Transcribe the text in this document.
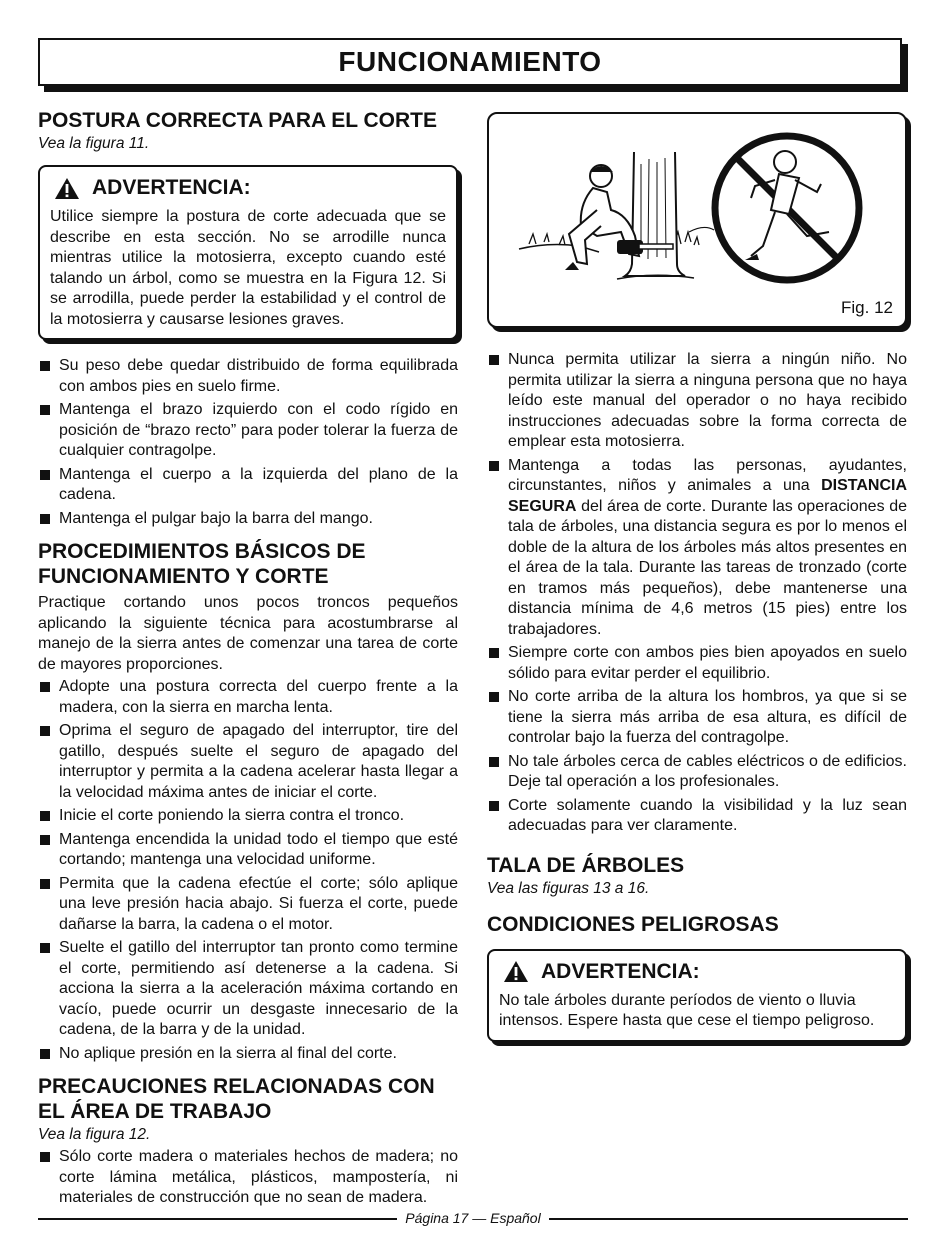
FUNCIONAMIENTO
POSTURA CORRECTA PARA EL CORTE
Vea la figura 11.
ADVERTENCIA:

Utilice siempre la postura de corte adecuada que se describe en esta sección. No se arrodille nunca mientras utilice la motosierra, excepto cuando esté talando un árbol, como se muestra en la Figura 12. Si se arrodilla, puede perder la estabilidad y el control de la motosierra y causarse lesiones graves.

Su peso debe quedar distribuido de forma equilibrada con ambos pies en suelo firme.
Mantenga el brazo izquierdo con el codo rígido en posición de “brazo recto” para poder tolerar la fuerza de cualquier contragolpe.
Mantenga el cuerpo a la izquierda del plano de la cadena.
Mantenga el pulgar bajo la barra del mango.
PROCEDIMIENTOS BÁSICOS DE FUNCIONAMIENTO Y CORTE

Practique cortando unos pocos troncos pequeños aplicando la siguiente técnica para acostumbrarse al manejo de la sierra antes de comenzar una tarea de corte de mayores proporciones.

Adopte una postura correcta del cuerpo frente a la madera, con la sierra en marcha lenta.
Oprima el seguro de apagado del interruptor, tire del gatillo, después suelte el seguro de apagado del interruptor y permita a la cadena acelerar hasta llegar a la velocidad máxima antes de iniciar el corte.
Inicie el corte poniendo la sierra contra el tronco.
Mantenga encendida la unidad todo el tiempo que esté cortando; mantenga una velocidad uniforme.
Permita que la cadena efectúe el corte; sólo aplique una leve presión hacia abajo. Si fuerza el corte, puede dañarse la barra, la cadena o el motor.
Suelte el gatillo del interruptor tan pronto como termine el corte, permitiendo así detenerse a la cadena. Si acciona la sierra a la aceleración máxima cortando en vacío, puede ocurrir un desgaste innecesario de la cadena, de la barra y de la unidad.
No aplique presión en la sierra al final del corte.
PRECAUCIONES RELACIONADAS CON EL ÁREA DE TRABAJO
Vea la figura 12.
Sólo corte madera o materiales hechos de madera; no corte lámina metálica, plásticos, mampostería, ni materiales de construcción que no sean de madera.
Fig. 12
Nunca permita utilizar la sierra a ningún niño. No permita utilizar la sierra a ninguna persona que no haya leído este manual del operador o no haya recibido instrucciones adecuadas sobre la forma correcta de emplear esta motosierra.
Mantenga a todas las personas, ayudantes, circunstantes, niños y animales a una DISTANCIA SEGURA del área de corte. Durante las operaciones de tala de árboles, una distancia segura es por lo menos el doble de la altura de los árboles más altos presentes en el área de la tala. Durante las tareas de tronzado (corte en tramos más pequeños), debe mantenerse una distancia mínima de 4,6 metros (15 pies) entre los trabajadores.
Siempre corte con ambos pies bien apoyados en suelo sólido para evitar perder el equilibrio.
No corte arriba de la altura los hombros, ya que si se tiene la sierra más arriba de esa altura, es difícil de controlar bajo la fuerza del contragolpe.
No tale árboles cerca de cables eléctricos o de edificios. Deje tal operación a los profesionales.
Corte solamente cuando la visibilidad y la luz sean adecuadas para ver claramente.
TALA DE ÁRBOLES
Vea las figuras 13 a 16.
CONDICIONES PELIGROSAS
ADVERTENCIA:

No tale árboles durante períodos de viento o lluvia intensos. Espere hasta que cese el tiempo peligroso.

Página 17 — Español
